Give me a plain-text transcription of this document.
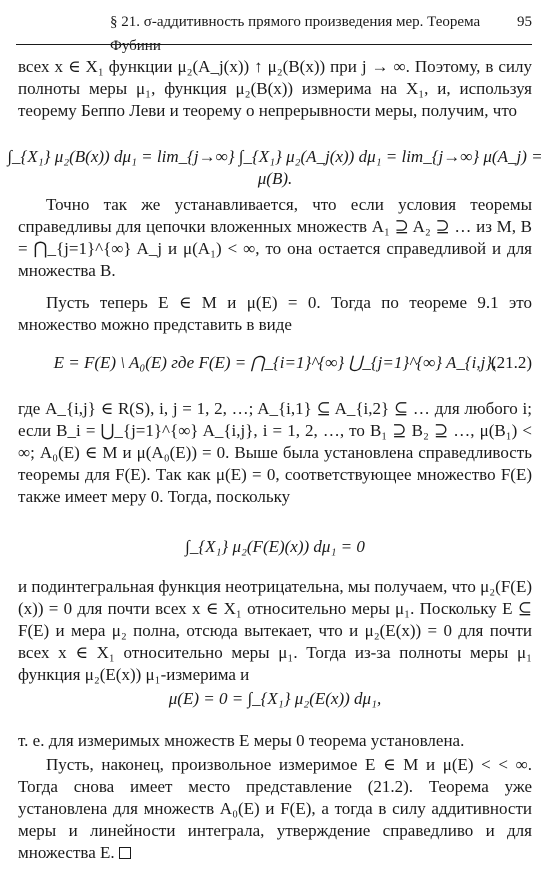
§ 21. σ-аддитивность прямого произведения мер. Теорема Фубини
95

всех x ∈ X₁ функции μ₂(A_j(x)) ↑ μ₂(B(x)) при j → ∞. Поэтому, в силу полноты меры μ₁, функция μ₂(B(x)) измерима на X₁, и, используя теорему Беппо Леви и теорему о непрерывности меры, получим, что

∫_{X₁} μ₂(B(x)) dμ₁ = lim_{j→∞} ∫_{X₁} μ₂(A_j(x)) dμ₁ = lim_{j→∞} μ(A_j) = μ(B).

Точно так же устанавливается, что если условия теоремы справедливы для цепочки вложенных множеств A₁ ⊇ A₂ ⊇ … из M, B = ⋂_{j=1}^{∞} A_j и μ(A₁) < ∞, то она остается справедливой и для множества B.

Пусть теперь E ∈ M и μ(E) = 0. Тогда по теореме 9.1 это множество можно представить в виде

E = F(E) \ A₀(E) где F(E) = ⋂_{i=1}^{∞} ⋃_{j=1}^{∞} A_{i,j},
(21.2)

где A_{i,j} ∈ R(S), i, j = 1, 2, …; A_{i,1} ⊆ A_{i,2} ⊆ … для любого i; если B_i = ⋃_{j=1}^{∞} A_{i,j}, i = 1, 2, …, то B₁ ⊇ B₂ ⊇ …, μ(B₁) < ∞; A₀(E) ∈ M и μ(A₀(E)) = 0. Выше была установлена справедливость теоремы для F(E). Так как μ(E) = 0, соответствующее множество F(E) также имеет меру 0. Тогда, поскольку

∫_{X₁} μ₂(F(E)(x)) dμ₁ = 0

и подинтегральная функция неотрицательна, мы получаем, что μ₂(F(E)(x)) = 0 для почти всех x ∈ X₁ относительно меры μ₁. Поскольку E ⊆ F(E) и мера μ₂ полна, отсюда вытекает, что и μ₂(E(x)) = 0 для почти всех x ∈ X₁ относительно меры μ₁. Тогда из-за полноты меры μ₁ функция μ₂(E(x)) μ₁-измерима и

μ(E) = 0 = ∫_{X₁} μ₂(E(x)) dμ₁,

т. е. для измеримых множеств E меры 0 теорема установлена.

Пусть, наконец, произвольное измеримое E ∈ M и μ(E) < < ∞. Тогда снова имеет место представление (21.2). Теорема уже установлена для множеств A₀(E) и F(E), а тогда в силу аддитивности меры и линейности интеграла, утверждение справедливо и для множества E.
